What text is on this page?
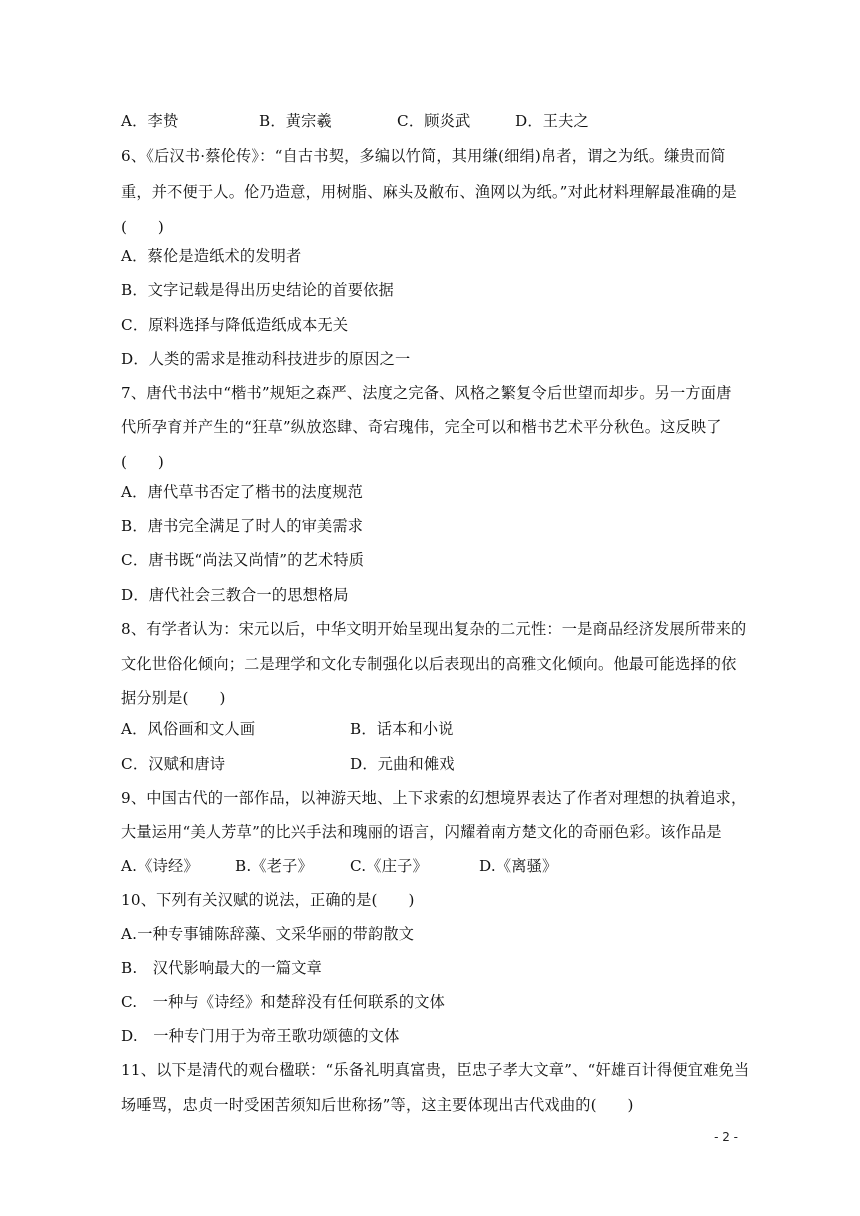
A．李贽	B．黄宗羲	C．顾炎武	D．王夫之
6、《后汉书·蔡伦传》：“自古书契，多编以竹简，其用缣(细绢)帛者，谓之为纸。缣贵而简
重，并不便于人。伦乃造意，用树脂、麻头及敝布、渔网以为纸。”对此材料理解最准确的是
(　　)
A．蔡伦是造纸术的发明者
B．文字记载是得出历史结论的首要依据
C．原料选择与降低造纸成本无关
D．人类的需求是推动科技进步的原因之一
7、唐代书法中“楷书”规矩之森严、法度之完备、风格之繁复令后世望而却步。另一方面唐
代所孕育并产生的“狂草”纵放恣肆、奇宕瑰伟，完全可以和楷书艺术平分秋色。这反映了
(　　)
A．唐代草书否定了楷书的法度规范
B．唐书完全满足了时人的审美需求
C．唐书既“尚法又尚情”的艺术特质
D．唐代社会三教合一的思想格局
8、有学者认为：宋元以后，中华文明开始呈现出复杂的二元性：一是商品经济发展所带来的
文化世俗化倾向；二是理学和文化专制强化以后表现出的高雅文化倾向。他最可能选择的依
据分别是(　　)
A．风俗画和文人画	B．话本和小说
C．汉赋和唐诗	D．元曲和傩戏
9、中国古代的一部作品，以神游天地、上下求索的幻想境界表达了作者对理想的执着追求，
大量运用“美人芳草”的比兴手法和瑰丽的语言，闪耀着南方楚文化的奇丽色彩。该作品是
A.《诗经》 B.《老子》 C.《庄子》	D.《离骚》
10、下列有关汉赋的说法，正确的是(　　)
A.一种专事铺陈辞藻、文采华丽的带韵散文
B.　汉代影响最大的一篇文章
C.　一种与《诗经》和楚辞没有任何联系的文体
D.　一种专门用于为帝王歌功颂德的文体
11、以下是清代的观台楹联：“乐备礼明真富贵，臣忠子孝大文章”、“奸雄百计得便宜难免当
场唾骂，忠贞一时受困苦须知后世称扬”等，这主要体现出古代戏曲的(　　)
- 2 -
